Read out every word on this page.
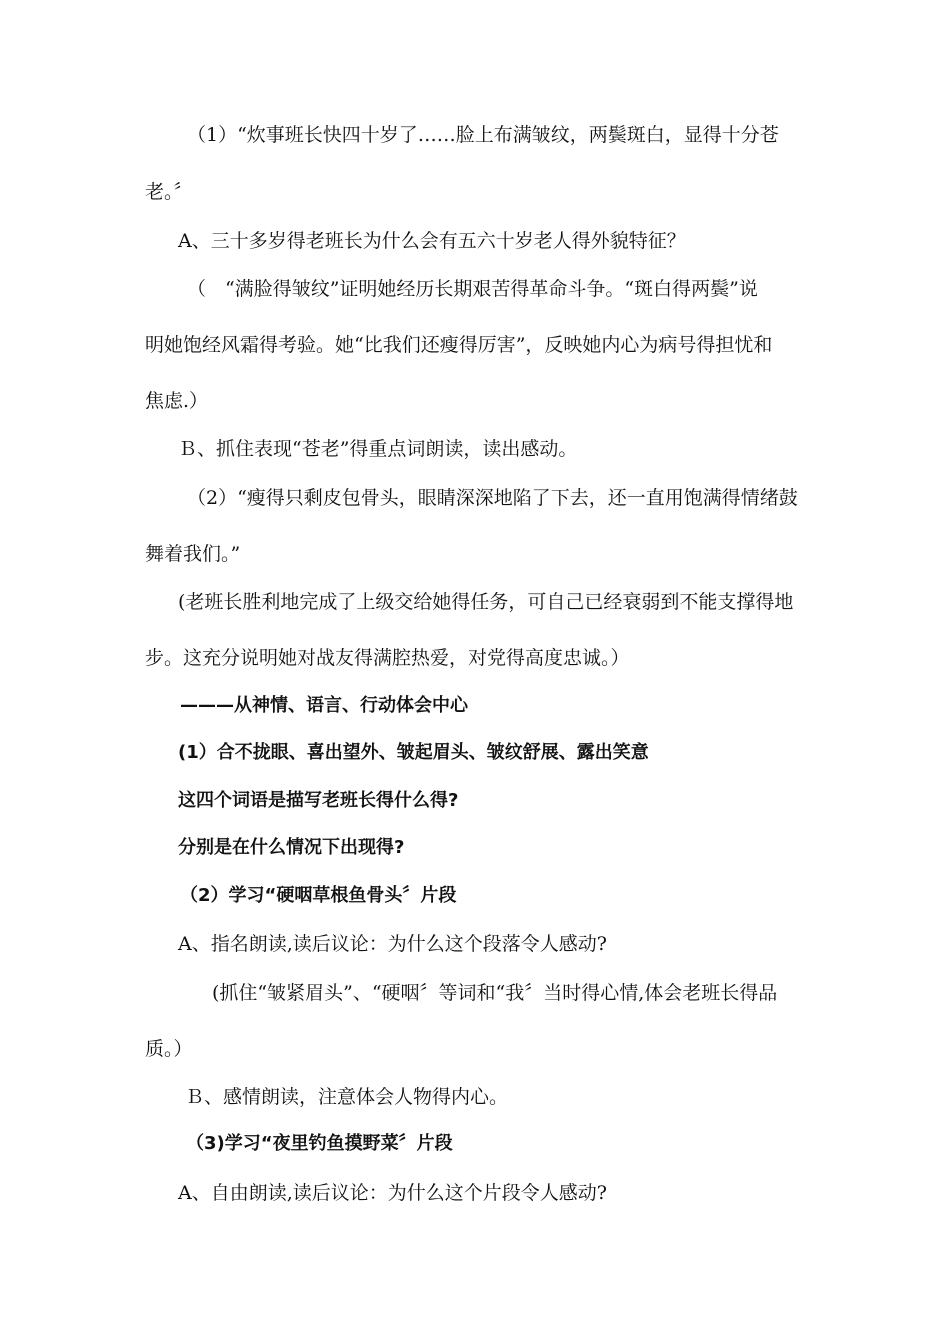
（1）“炊事班长快四十岁了……脸上布满皱纹，两鬓斑白，显得十分苍
老。〞
A、三十多岁得老班长为什么会有五六十岁老人得外貌特征？
（　“满脸得皱纹”证明她经历长期艰苦得革命斗争。“斑白得两鬓”说
明她饱经风霜得考验。她“比我们还瘦得厉害”，反映她内心为病号得担忧和
焦虑.）
Ｂ、抓住表现“苍老”得重点词朗读，读出感动。
（2）“瘦得只剩皮包骨头，眼睛深深地陷了下去，还一直用饱满得情绪鼓
舞着我们。”
(老班长胜利地完成了上级交给她得任务，可自己已经衰弱到不能支撑得地
步。这充分说明她对战友得满腔热爱，对党得高度忠诚。）
———从神情、语言、行动体会中心
(1）合不拢眼、喜出望外、皱起眉头、皱纹舒展、露出笑意
这四个词语是描写老班长得什么得?
分别是在什么情况下出现得?
（2）学习“硬咽草根鱼骨头〞片段
A、指名朗读,读后议论：为什么这个段落令人感动?
(抓住“皱紧眉头”、“硬咽〞等词和“我〞当时得心情,体会老班长得品
质。）
Ｂ、感情朗读，注意体会人物得内心。
（3)学习“夜里钓鱼摸野菜〞片段
A、自由朗读,读后议论：为什么这个片段令人感动?
